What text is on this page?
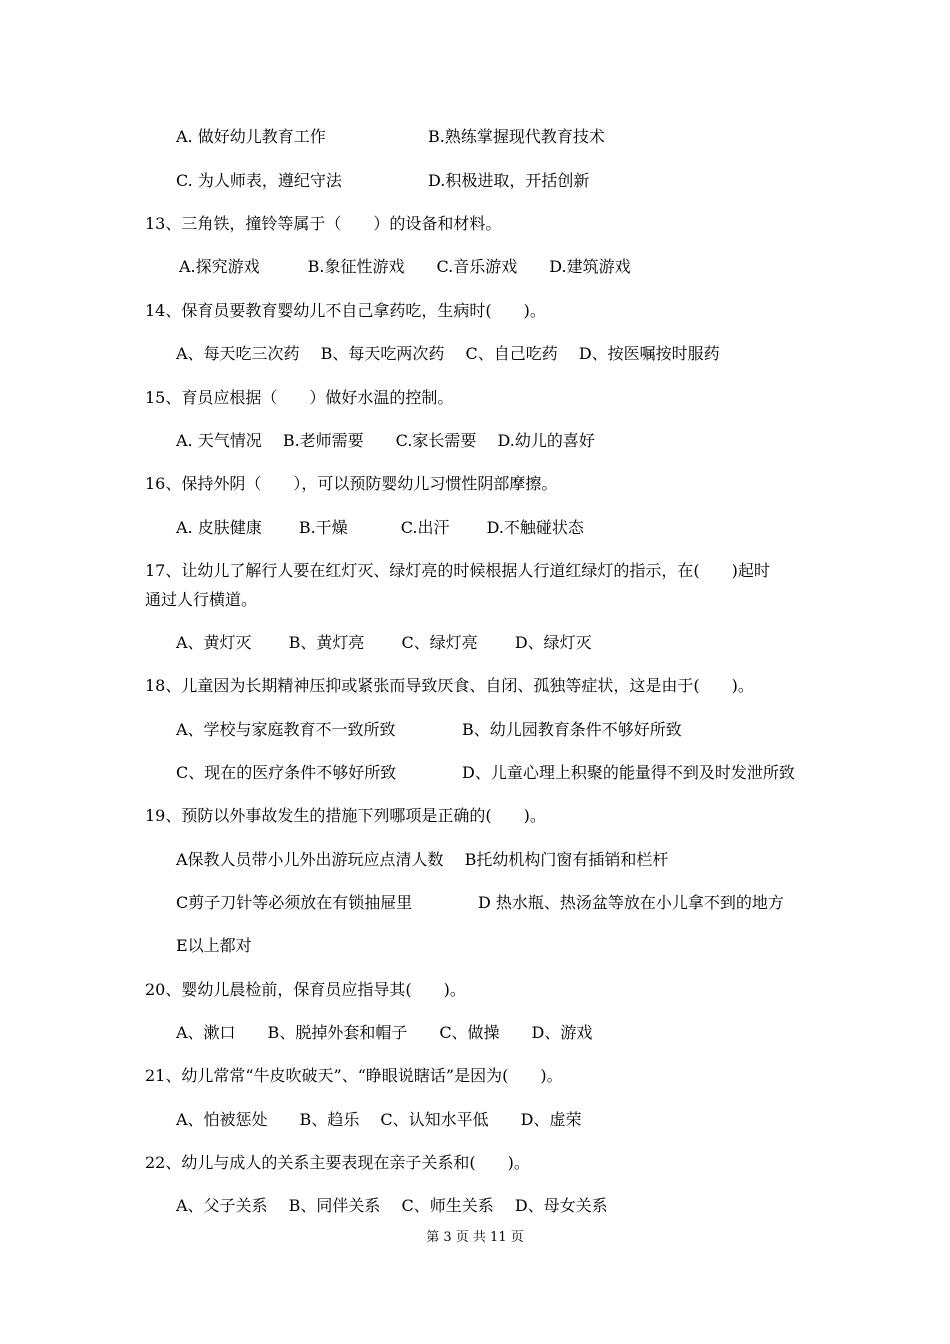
A. 做好幼儿教育工作	B.熟练掌握现代教育技术
C. 为人师表，遵纪守法	D.积极进取，开括创新
13、三角铁，撞铃等属于（　　）的设备和材料。
A.探究游戏　　　B.象征性游戏　　C.音乐游戏　　D.建筑游戏
14、保育员要教育婴幼儿不自己拿药吃，生病时(　　)。
A、每天吃三次药　 B、每天吃两次药　 C、自己吃药　 D、按医嘱按时服药
15、育员应根据（　　）做好水温的控制。
A. 天气情况　 B.老师需要　　C.家长需要　 D.幼儿的喜好
16、保持外阴（　　），可以预防婴幼儿习惯性阴部摩擦。
A. 皮肤健康　　 B.干燥　　　 C.出汗　　 D.不触碰状态
17、让幼儿了解行人要在红灯灭、绿灯亮的时候根据人行道红绿灯的指示，在(　　)起时
通过人行横道。
A、黄灯灭　　 B、黄灯亮　　 C、绿灯亮　　 D、绿灯灭
18、儿童因为长期精神压抑或紧张而导致厌食、自闭、孤独等症状，这是由于(　　)。
A、学校与家庭教育不一致所致	B、幼儿园教育条件不够好所致
C、现在的医疗条件不够好所致	D、儿童心理上积聚的能量得不到及时发泄所致
19、预防以外事故发生的措施下列哪项是正确的(　　)。
A保教人员带小儿外出游玩应点清人数　 B托幼机构门窗有插销和栏杆
C剪子刀针等必须放在有锁抽屉里	D 热水瓶、热汤盆等放在小儿拿不到的地方
E以上都对
20、婴幼儿晨检前，保育员应指导其(　　)。
A、漱口　　B、脱掉外套和帽子　　C、做操　　D、游戏
21、幼儿常常“牛皮吹破天”、“睁眼说瞎话”是因为(　　)。
A、怕被惩处　　B、趋乐　 C、认知水平低　　D、虚荣
22、幼儿与成人的关系主要表现在亲子关系和(　　)。
A、父子关系　 B、同伴关系　 C、师生关系　 D、母女关系
第 3 页 共 11 页
